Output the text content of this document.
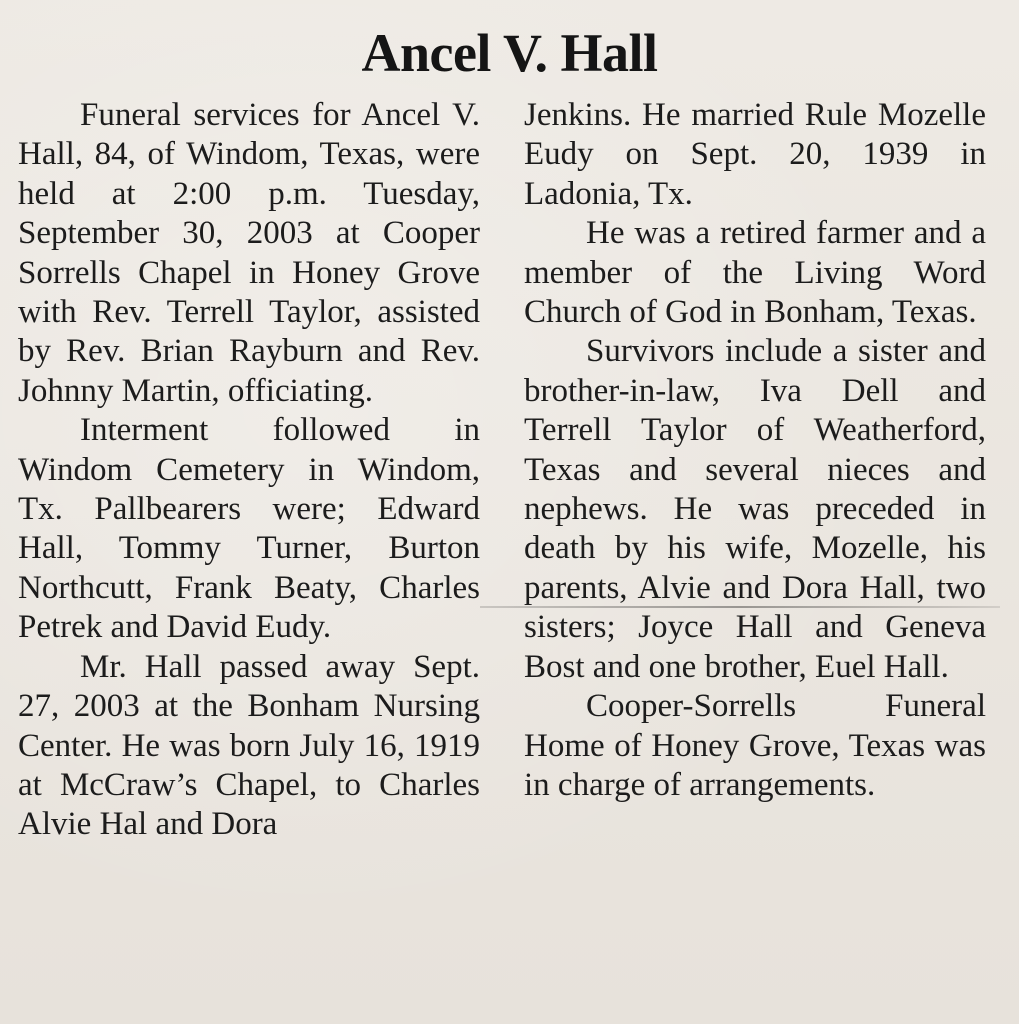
Ancel V. Hall

Funeral services for Ancel V. Hall, 84, of Windom, Texas, were held at 2:00 p.m. Tuesday, September 30, 2003 at Cooper Sorrells Chapel in Honey Grove with Rev. Terrell Taylor, assisted by Rev. Brian Rayburn and Rev. Johnny Martin, officiating.

Interment followed in Windom Cemetery in Windom, Tx. Pallbearers were; Edward Hall, Tommy Turner, Burton Northcutt, Frank Beaty, Charles Petrek and David Eudy.

Mr. Hall passed away Sept. 27, 2003 at the Bonham Nursing Center. He was born July 16, 1919 at McCraw’s Chapel, to Charles Alvie Hal and Dora

Jenkins. He married Rule Mozelle Eudy on Sept. 20, 1939 in Ladonia, Tx.

He was a retired farmer and a member of the Living Word Church of God in Bonham, Texas.

Survivors include a sister and brother-in-law, Iva Dell and Terrell Taylor of Weatherford, Texas and several nieces and nephews. He was preceded in death by his wife, Mozelle, his parents, Alvie and Dora Hall, two sisters; Joyce Hall and Geneva Bost and one brother, Euel Hall.

Cooper-Sorrells Funeral Home of Honey Grove, Texas was in charge of arrangements.
